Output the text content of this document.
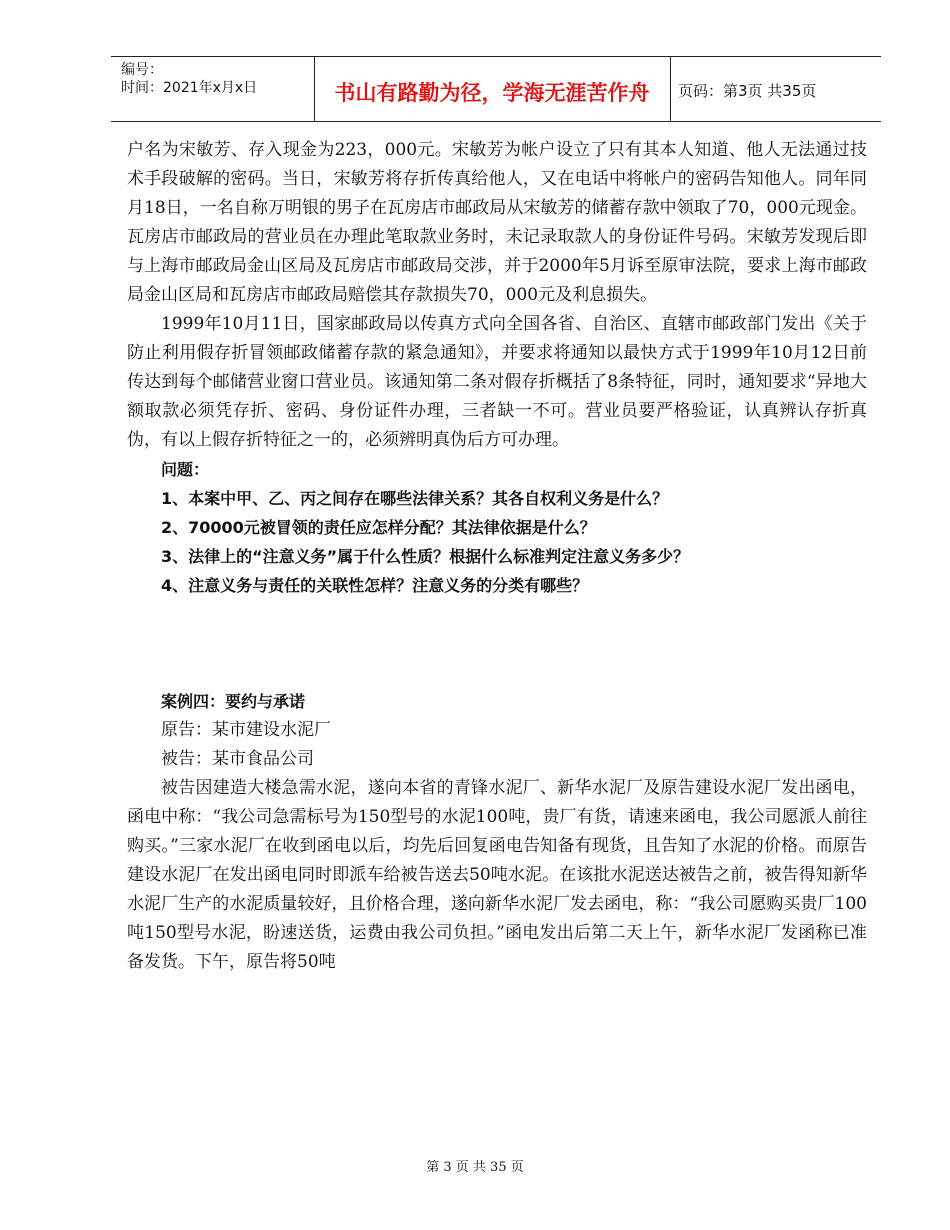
编号：
时间：2021年x月x日	书山有路勤为径，学海无涯苦作舟	页码：第3页 共35页

户名为宋敏芳、存入现金为223，000元。宋敏芳为帐户设立了只有其本人知道、他人无法通过技术手段破解的密码。当日，宋敏芳将存折传真给他人，又在电话中将帐户的密码告知他人。同年同月18日，一名自称万明银的男子在瓦房店市邮政局从宋敏芳的储蓄存款中领取了70，000元现金。瓦房店市邮政局的营业员在办理此笔取款业务时，未记录取款人的身份证件号码。宋敏芳发现后即与上海市邮政局金山区局及瓦房店市邮政局交涉，并于2000年5月诉至原审法院，要求上海市邮政局金山区局和瓦房店市邮政局赔偿其存款损失70，000元及利息损失。

1999年10月11日，国家邮政局以传真方式向全国各省、自治区、直辖市邮政部门发出《关于防止利用假存折冒领邮政储蓄存款的紧急通知》，并要求将通知以最快方式于1999年10月12日前传达到每个邮储营业窗口营业员。该通知第二条对假存折概括了8条特征，同时，通知要求“异地大额取款必须凭存折、密码、身份证件办理，三者缺一不可。营业员要严格验证，认真辨认存折真伪，有以上假存折特征之一的，必须辨明真伪后方可办理。

问题：

1、本案中甲、乙、丙之间存在哪些法律关系？其各自权利义务是什么？

2、70000元被冒领的责任应怎样分配？其法律依据是什么？

3、法律上的“注意义务”属于什么性质？根据什么标准判定注意义务多少？

4、注意义务与责任的关联性怎样？注意义务的分类有哪些？

案例四：要约与承诺

原告：某市建设水泥厂

被告：某市食品公司

被告因建造大楼急需水泥，遂向本省的青锋水泥厂、新华水泥厂及原告建设水泥厂发出函电，函电中称：“我公司急需标号为150型号的水泥100吨，贵厂有货，请速来函电，我公司愿派人前往购买。”三家水泥厂在收到函电以后，均先后回复函电告知备有现货，且告知了水泥的价格。而原告建设水泥厂在发出函电同时即派车给被告送去50吨水泥。在该批水泥送达被告之前，被告得知新华水泥厂生产的水泥质量较好，且价格合理，遂向新华水泥厂发去函电，称：“我公司愿购买贵厂100吨150型号水泥，盼速送货，运费由我公司负担。”函电发出后第二天上午，新华水泥厂发函称已准备发货。下午，原告将50吨

第 3 页 共 35 页
